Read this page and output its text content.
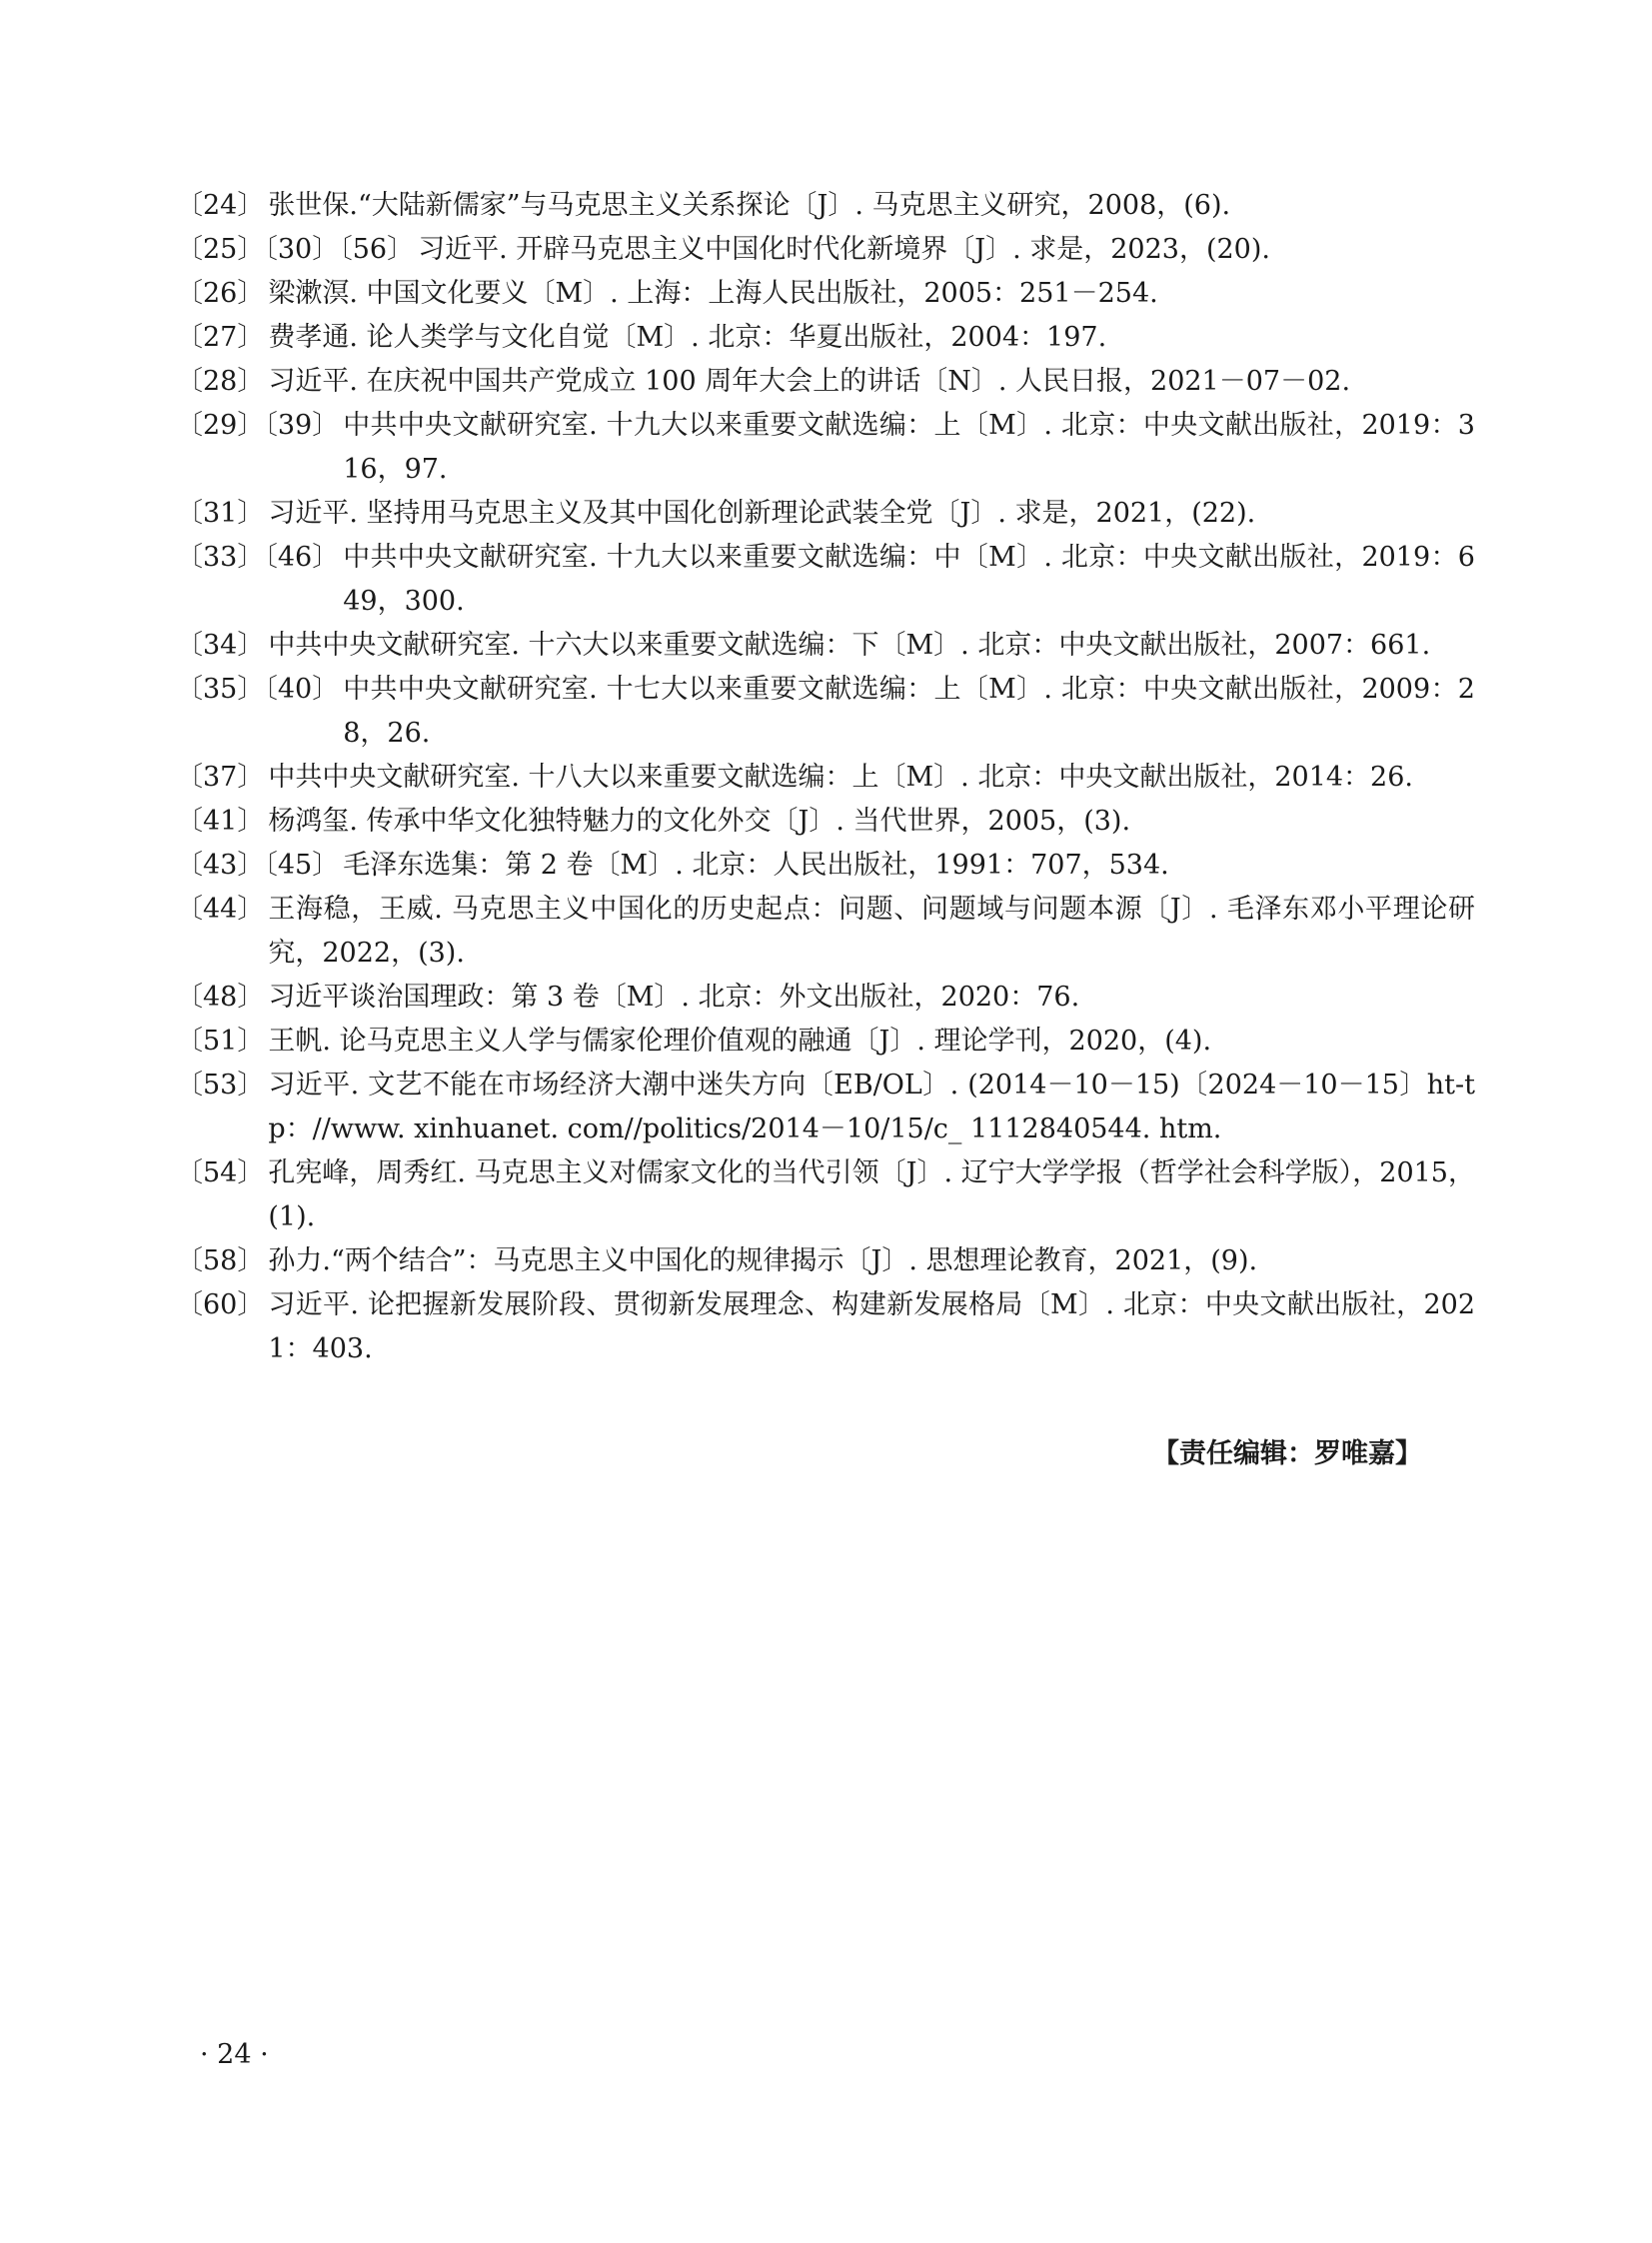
〔24〕 张世保.“大陆新儒家”与马克思主义关系探论〔J〕. 马克思主义研究，2008，(6).
〔25〕〔30〕〔56〕 习近平. 开辟马克思主义中国化时代化新境界〔J〕. 求是，2023，(20).
〔26〕 梁漱溟. 中国文化要义〔M〕. 上海：上海人民出版社，2005：251－254.
〔27〕 费孝通. 论人类学与文化自觉〔M〕. 北京：华夏出版社，2004：197.
〔28〕 习近平. 在庆祝中国共产党成立 100 周年大会上的讲话〔N〕. 人民日报，2021－07－02.
〔29〕〔39〕 中共中央文献研究室. 十九大以来重要文献选编：上〔M〕. 北京：中央文献出版社，2019：316，97.
〔31〕 习近平. 坚持用马克思主义及其中国化创新理论武装全党〔J〕. 求是，2021，(22).
〔33〕〔46〕 中共中央文献研究室. 十九大以来重要文献选编：中〔M〕. 北京：中央文献出版社，2019：649，300.
〔34〕 中共中央文献研究室. 十六大以来重要文献选编：下〔M〕. 北京：中央文献出版社，2007：661.
〔35〕〔40〕 中共中央文献研究室. 十七大以来重要文献选编：上〔M〕. 北京：中央文献出版社，2009：28，26.
〔37〕 中共中央文献研究室. 十八大以来重要文献选编：上〔M〕. 北京：中央文献出版社，2014：26.
〔41〕 杨鸿玺. 传承中华文化独特魅力的文化外交〔J〕. 当代世界，2005，(3).
〔43〕〔45〕 毛泽东选集：第 2 卷〔M〕. 北京：人民出版社，1991：707，534.
〔44〕 王海稳，王威. 马克思主义中国化的历史起点：问题、问题域与问题本源〔J〕. 毛泽东邓小平理论研究，2022，(3).
〔48〕 习近平谈治国理政：第 3 卷〔M〕. 北京：外文出版社，2020：76.
〔51〕 王帆. 论马克思主义人学与儒家伦理价值观的融通〔J〕. 理论学刊，2020，(4).
〔53〕 习近平. 文艺不能在市场经济大潮中迷失方向〔EB/OL〕. (2014－10－15)〔2024－10－15〕ht-tp：//www. xinhuanet. com//politics/2014－10/15/c_ 1112840544. htm.
〔54〕 孔宪峰，周秀红. 马克思主义对儒家文化的当代引领〔J〕. 辽宁大学学报（哲学社会科学版），2015，(1).
〔58〕 孙力.“两个结合”：马克思主义中国化的规律揭示〔J〕. 思想理论教育，2021，(9).
〔60〕 习近平. 论把握新发展阶段、贯彻新发展理念、构建新发展格局〔M〕. 北京：中央文献出版社，2021：403.
【责任编辑：罗唯嘉】
· 24 ·
